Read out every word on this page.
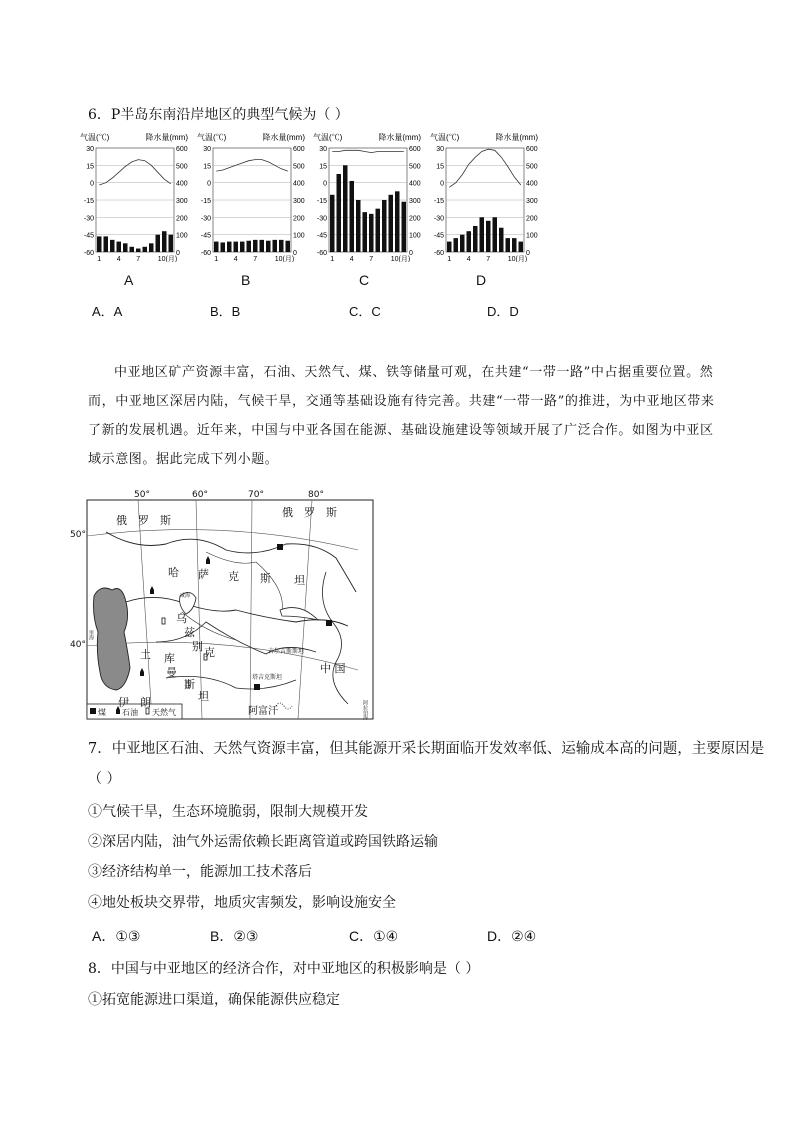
6．P半岛东南沿岸地区的典型气候为（ ）
气温(℃)	降水量(mm)
30	600
15	500
0	400
-15	300
-30	200
-45	100
-60	0
1 4 7	10(月)
气温(℃)	降水量(mm)
30	600
15	500
0	400
-15	300
-30	200
-45	100
-60	0
1 4 7	10(月)
气温(℃)	降水量(mm)
30	600
15	500
0	400
-15	300
-30	200
-45	100
-60	0
1 4 7	10(月)
气温(℃)	降水量(mm)
30	600
15	500
0	400
-15	300
-30	200
-45	100
-60	0
1 4 7	10(月)
A	B	C	D
A．A	B．B	C．C	D．D

中亚地区矿产资源丰富，石油、天然气、煤、铁等储量可观，在共建“一带一路”中占据重要位置。然而，中亚地区深居内陆，气候干旱，交通等基础设施有待完善。共建“一带一路”的推进，为中亚地区带来了新的发展机遇。近年来，中国与中亚各国在能源、基础设施建设等领域开展了广泛合作。如图为中亚区域示意图。据此完成下列小题。

50°	60°	70°	80°
50°
40°
俄　罗　斯
俄　罗　斯
哈 萨 克 斯 坦
乌
兹
别 克
土 库
曼
斯
坦
吉尔吉斯斯坦
塔吉克斯坦
中 国
伊　朗
阿富汗
里海
咸海
阿拉伯海
煤 石油 天然气
7．中亚地区石油、天然气资源丰富，但其能源开采长期面临开发效率低、运输成本高的问题，主要原因是
（ ）
①气候干旱，生态环境脆弱，限制大规模开发
②深居内陆，油气外运需依赖长距离管道或跨国铁路运输
③经济结构单一，能源加工技术落后
④地处板块交界带，地质灾害频发，影响设施安全
A．①③	B．②③	C．①④	D．②④
8．中国与中亚地区的经济合作，对中亚地区的积极影响是（ ）
①拓宽能源进口渠道，确保能源供应稳定
